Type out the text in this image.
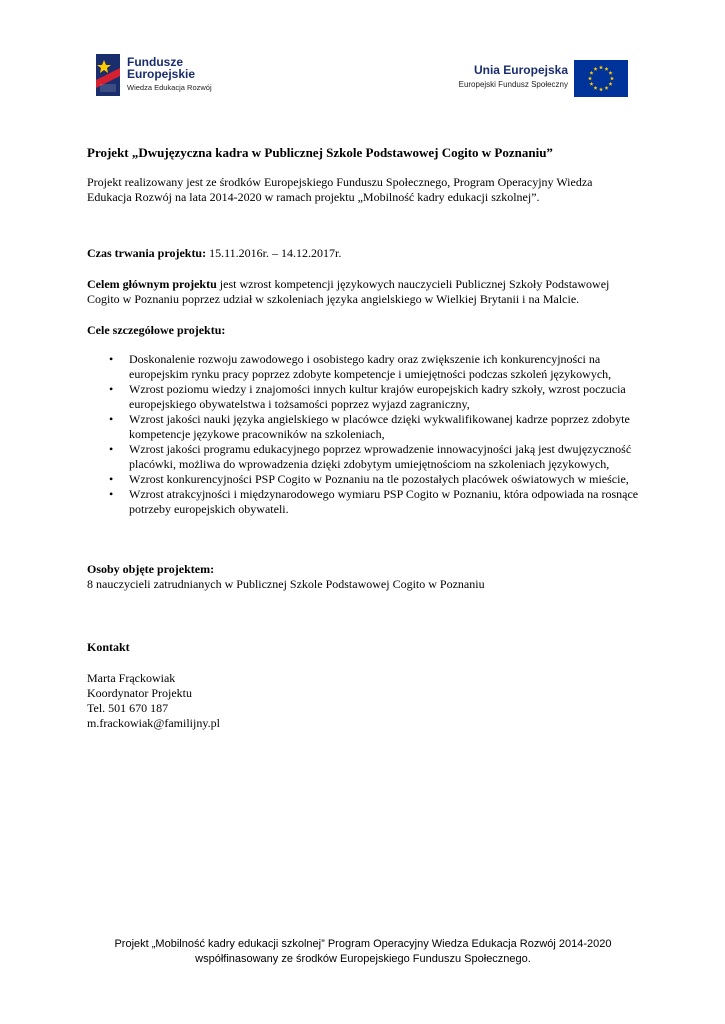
Fundusze Europejskie
Wiedza Edukacja Rozwój
Unia Europejska
Europejski Fundusz Społeczny

Projekt „Dwujęzyczna kadra w Publicznej Szkole Podstawowej Cogito w Poznaniu”

Projekt realizowany jest ze środków Europejskiego Funduszu Społecznego, Program Operacyjny Wiedza Edukacja Rozwój na lata 2014-2020 w ramach projektu „Mobilność kadry edukacji szkolnej”.

Czas trwania projektu: 15.11.2016r. – 14.12.2017r.

Celem głównym projektu jest wzrost kompetencji językowych nauczycieli Publicznej Szkoły Podstawowej Cogito w Poznaniu poprzez udział w szkoleniach języka angielskiego w Wielkiej Brytanii i na Malcie.

Cele szczegółowe projektu:

• Doskonalenie rozwoju zawodowego i osobistego kadry oraz zwiększenie ich konkurencyjności na europejskim rynku pracy poprzez zdobyte kompetencje i umiejętności podczas szkoleń językowych,
• Wzrost poziomu wiedzy i znajomości innych kultur krajów europejskich kadry szkoły, wzrost poczucia europejskiego obywatelstwa i tożsamości poprzez wyjazd zagraniczny,
• Wzrost jakości nauki języka angielskiego w placówce dzięki wykwalifikowanej kadrze poprzez zdobyte kompetencje językowe pracowników na szkoleniach,
• Wzrost jakości programu edukacyjnego poprzez wprowadzenie innowacyjności jaką jest dwujęzyczność placówki, możliwa do wprowadzenia dzięki zdobytym umiejętnościom na szkoleniach językowych,
• Wzrost konkurencyjności PSP Cogito w Poznaniu na tle pozostałych placówek oświatowych w mieście,
• Wzrost atrakcyjności i międzynarodowego wymiaru PSP Cogito w Poznaniu, która odpowiada na rosnące potrzeby europejskich obywateli.

Osoby objęte projektem:

8 nauczycieli zatrudnianych w Publicznej Szkole Podstawowej Cogito w Poznaniu

Kontakt

Marta Frąckowiak

Koordynator Projektu

Tel. 501 670 187

m.frackowiak@familijny.pl

Projekt „Mobilność kadry edukacji szkolnej” Program Operacyjny Wiedza Edukacja Rozwój 2014-2020
współfinasowany ze środków Europejskiego Funduszu Społecznego.
